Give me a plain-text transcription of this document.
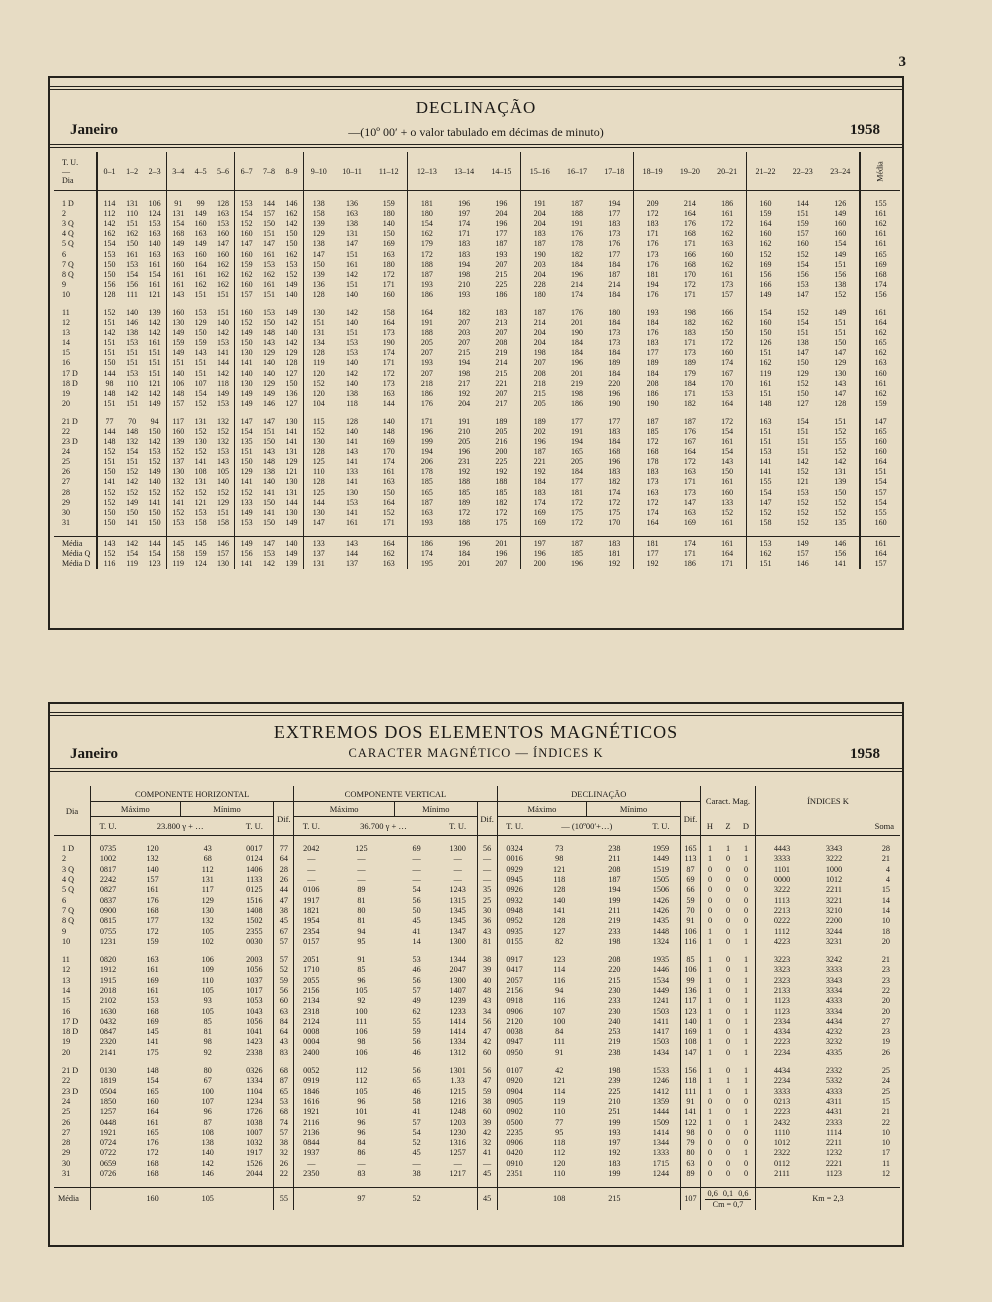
3
DECLINAÇÃO
Janeiro	—(10º 00′ + o valor tabulado em décimas de minuto)	1958
T. U.
—
Dia	0–1	1–2	2–3	3–4	4–5	5–6	6–7	7–8	8–9	9–10	10–11	11–12	12–13	13–14	14–15	15–16	16–17	17–18	18–19	19–20	20–21	21–22	22–23	23–24	Média

1 D	114	131	106	91	99	128	153	144	146	138	136	159	181	196	196	191	187	194	209	214	186	160	144	126	155
2	112	110	124	131	149	163	154	157	162	158	163	180	180	197	204	204	188	177	172	164	161	159	151	149	161
3 Q	142	151	153	154	160	153	152	150	142	139	138	140	154	174	196	204	191	183	183	176	172	164	159	160	162
4 Q	162	162	163	168	163	160	160	151	150	129	131	150	162	171	177	183	176	173	171	168	162	160	157	160	161
5 Q	154	150	140	149	149	147	147	147	150	138	147	169	179	183	187	187	178	176	176	171	163	162	160	154	161
6	153	161	163	163	160	160	160	161	162	147	151	163	172	183	193	190	182	177	173	166	160	152	152	149	165
7 Q	150	153	161	160	164	162	159	153	153	150	161	180	188	194	207	203	184	184	176	168	162	169	154	151	169
8 Q	150	154	154	161	161	162	162	162	152	139	142	172	187	198	215	204	196	187	181	170	161	156	156	156	168
9	156	156	161	161	162	162	160	161	149	136	151	171	193	210	225	228	214	214	194	172	173	166	153	138	174
10	128	111	121	143	151	151	157	151	140	128	140	160	186	193	186	180	174	184	176	171	157	149	147	152	156

11	152	140	139	160	153	151	160	153	149	130	142	158	164	182	183	187	176	180	193	198	166	154	152	149	161
12	151	146	142	130	129	140	152	150	142	151	140	164	191	207	213	214	201	184	184	182	162	160	154	151	164
13	142	138	142	149	150	142	149	148	140	131	151	173	188	203	207	204	190	173	176	183	150	150	151	151	162
14	151	153	161	159	159	153	150	143	142	134	153	190	205	207	208	204	184	173	183	171	172	126	138	150	165
15	151	151	151	149	143	141	130	129	129	128	153	174	207	215	219	198	184	184	177	173	160	151	147	147	162
16	150	151	151	151	151	144	141	140	128	119	140	171	193	194	214	207	196	189	189	189	174	162	150	129	163
17 D	144	153	151	140	151	142	140	140	127	120	142	172	207	198	215	208	201	184	184	179	167	119	129	130	160
18 D	98	110	121	106	107	118	130	129	150	152	140	173	218	217	221	218	219	220	208	184	170	161	152	143	161
19	148	142	142	148	154	149	149	149	136	120	138	163	186	192	207	215	198	196	186	171	153	151	150	147	162
20	151	151	149	157	152	153	149	146	127	104	118	144	176	204	217	205	186	190	190	182	164	148	127	128	159

21 D	77	70	94	117	131	132	147	147	130	115	128	140	171	191	189	189	177	177	187	187	172	163	154	151	147
22	144	148	150	160	152	152	154	151	141	152	140	148	196	210	205	202	191	183	185	176	154	151	151	152	165
23 D	148	132	142	139	130	132	135	150	141	130	141	169	199	205	216	196	194	184	172	167	161	151	151	155	160
24	152	154	153	152	152	153	151	143	131	128	143	170	194	196	200	187	165	168	168	164	154	153	151	152	160
25	151	151	152	137	141	143	150	148	129	125	141	174	206	231	225	221	205	196	178	172	143	141	142	142	164
26	150	152	149	130	108	105	129	138	121	110	133	161	178	192	192	192	184	183	183	163	150	141	152	131	151
27	141	142	140	132	131	140	141	140	130	128	141	163	185	188	188	184	177	182	173	171	161	155	121	139	154
28	152	152	152	152	152	152	152	141	131	125	130	150	165	185	185	183	181	174	163	173	160	154	153	150	157
29	152	149	141	141	121	129	133	150	144	144	153	164	187	189	182	174	172	172	172	147	133	147	152	152	154
30	150	150	150	152	153	151	149	141	130	130	141	152	163	172	172	169	175	175	174	163	152	152	152	152	155
31	150	141	150	153	158	158	153	150	149	147	161	171	193	188	175	169	172	170	164	169	161	158	152	135	160

Média	143	142	144	145	145	146	149	147	140	133	143	164	186	196	201	197	187	183	181	174	161	153	149	146	161
Média Q	152	154	154	158	159	157	156	153	149	137	144	162	174	184	196	196	185	181	177	171	164	162	157	156	164
Média D	116	119	123	119	124	130	141	142	139	131	137	163	195	201	207	200	196	192	192	186	171	151	146	141	157
EXTREMOS DOS ELEMENTOS MAGNÉTICOS
Janeiro	CARACTER MAGNÉTICO — ÍNDICES K	1958
Dia	COMPONENTE HORIZONTAL					COMPONENTE VERTICAL					DECLINAÇÃO					Caract. Mag.			ÍNDICES K		
	Máximo		Mínimo		Dif.	Máximo		Mínimo		Dif.	Máximo		Mínimo		Dif.						
	T. U.	23.800 γ + …		T. U.		T. U.	36.700 γ + …		T. U.		T. U.	— (10º00′+…)		T. U.		H	Z	D			Soma

1 D	0735	120	43	0017	77	2042	125	69	1300	56	0324	73	238	1959	165	1	1	1	4443	3343	28
2	1002	132	68	0124	64	—	—	—	—	—	0016	98	211	1449	113	1	0	1	3333	3222	21
3 Q	0817	140	112	1406	28	—	—	—	—	—	0929	121	208	1519	87	0	0	0	1101	1000	4
4 Q	2242	157	131	1133	26	—	—	—	—	—	0945	118	187	1505	69	0	0	0	0000	1012	4
5 Q	0827	161	117	0125	44	0106	89	54	1243	35	0926	128	194	1506	66	0	0	0	3222	2211	15
6	0837	176	129	1516	47	1917	81	56	1315	25	0932	140	199	1426	59	0	0	0	1113	3221	14
7 Q	0900	168	130	1408	38	1821	80	50	1345	30	0948	141	211	1426	70	0	0	0	2213	3210	14
8 Q	0815	177	132	1502	45	1954	81	45	1345	36	0952	128	219	1435	91	0	0	0	0222	2200	10
9	0755	172	105	2355	67	2354	94	41	1347	43	0935	127	233	1448	106	1	0	1	1112	3244	18
10	1231	159	102	0030	57	0157	95	14	1300	81	0155	82	198	1324	116	1	0	1	4223	3231	20

11	0820	163	106	2003	57	2051	91	53	1344	38	0917	123	208	1935	85	1	0	1	3223	3242	21
12	1912	161	109	1056	52	1710	85	46	2047	39	0417	114	220	1446	106	1	0	1	3323	3333	23
13	1915	169	110	1037	59	2055	96	56	1300	40	2057	116	215	1534	99	1	0	1	2323	3343	23
14	2018	161	105	1017	56	2156	105	57	1407	48	2156	94	230	1449	136	1	0	1	2133	3334	22
15	2102	153	93	1053	60	2134	92	49	1239	43	0918	116	233	1241	117	1	0	1	1123	4333	20
16	1630	168	105	1043	63	2318	100	62	1233	34	0906	107	230	1503	123	1	0	1	1123	3334	20
17 D	0432	169	85	1056	84	2124	111	55	1414	56	2120	100	240	1411	140	1	0	1	2334	4434	27
18 D	0847	145	81	1041	64	0008	106	59	1414	47	0038	84	253	1417	169	1	0	1	4334	4232	23
19	2320	141	98	1423	43	0004	98	56	1334	42	0947	111	219	1503	108	1	0	1	2223	3232	19
20	2141	175	92	2338	83	2400	106	46	1312	60	0950	91	238	1434	147	1	0	1	2234	4335	26

21 D	0130	148	80	0326	68	0052	112	56	1301	56	0107	42	198	1533	156	1	0	1	4434	2332	25
22	1819	154	67	1334	87	0919	112	65	1.33	47	0920	121	239	1246	118	1	1	1	2234	5332	24
23 D	0504	165	100	1104	65	1846	105	46	1215	59	0904	114	225	1412	111	1	0	1	3333	4333	25
24	1850	160	107	1234	53	1616	96	58	1216	38	0905	119	210	1359	91	0	0	0	0213	4311	15
25	1257	164	96	1726	68	1921	101	41	1248	60	0902	110	251	1444	141	1	0	1	2223	4431	21
26	0448	161	87	1038	74	2116	96	57	1203	39	0500	77	199	1509	122	1	0	1	2432	2333	22
27	1921	165	108	1007	57	2136	96	54	1230	42	2235	95	193	1414	98	0	0	0	1110	1114	10
28	0724	176	138	1032	38	0844	84	52	1316	32	0906	118	197	1344	79	0	0	0	1012	2211	10
29	0722	172	140	1917	32	1937	86	45	1257	41	0420	112	192	1333	80	0	0	1	2322	1232	17
30	0659	168	142	1526	26	—	—	—	—	—	0910	120	183	1715	63	0	0	0	0112	2221	11
31	0726	168	146	2044	22	2350	83	38	1217	45	2351	110	199	1244	89	0	0	0	2111	1123	12

Média		160	105		55		97	52		45		108	215		107	0,6 0,1 0,6
Cm = 0,7			Km = 2,3		
